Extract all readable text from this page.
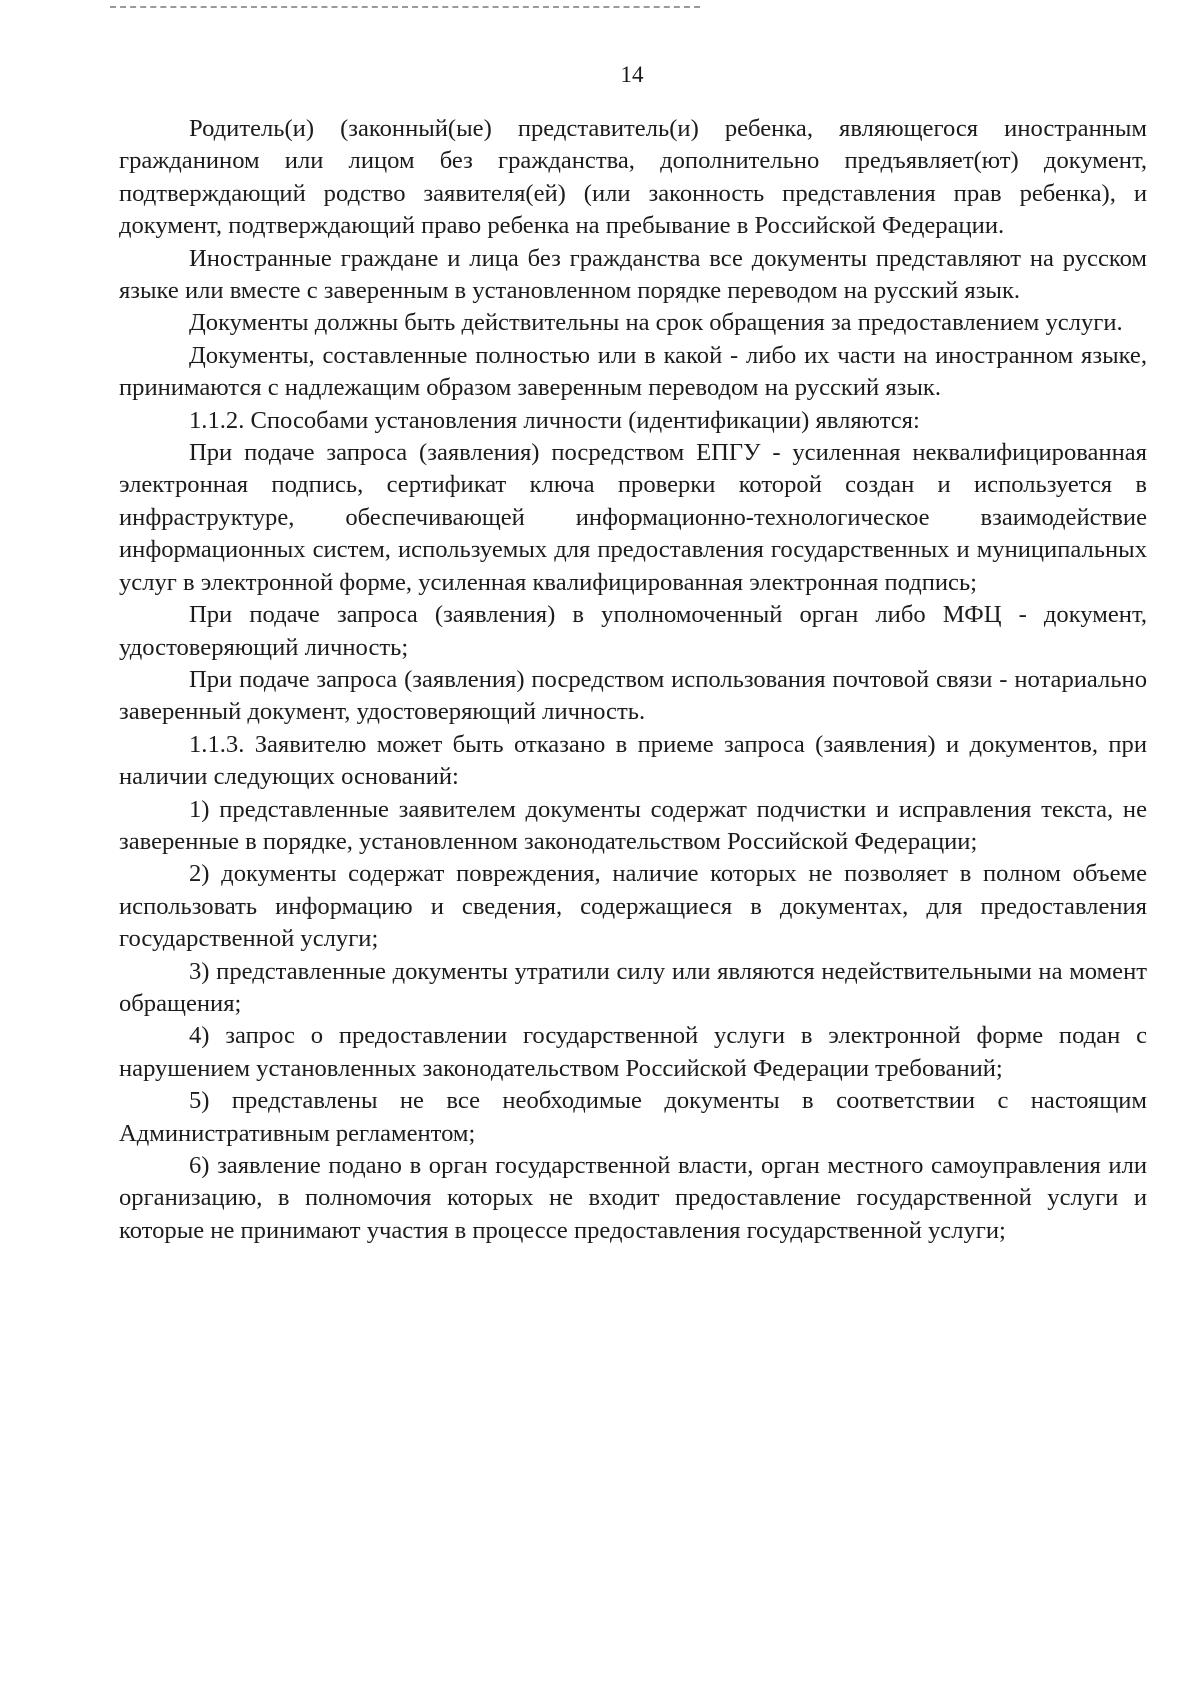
14

Родитель(и) (законный(ые) представитель(и) ребенка, являющегося иностранным гражданином или лицом без гражданства, дополнительно предъявляет(ют) документ, подтверждающий родство заявителя(ей) (или законность представления прав ребенка), и документ, подтверждающий право ребенка на пребывание в Российской Федерации.

Иностранные граждане и лица без гражданства все документы представляют на русском языке или вместе с заверенным в установленном порядке переводом на русский язык.

Документы должны быть действительны на срок обращения за предоставлением услуги.

Документы, составленные полностью или в какой - либо их части на иностранном языке, принимаются с надлежащим образом заверенным переводом на русский язык.

1.1.2. Способами установления личности (идентификации) являются:

При подаче запроса (заявления) посредством ЕПГУ - усиленная неквалифицированная электронная подпись, сертификат ключа проверки которой создан и используется в инфраструктуре, обеспечивающей информационно-технологическое взаимодействие информационных систем, используемых для предоставления государственных и муниципальных услуг в электронной форме, усиленная квалифицированная электронная подпись;

При подаче запроса (заявления) в уполномоченный орган либо МФЦ - документ, удостоверяющий личность;

При подаче запроса (заявления) посредством использования почтовой связи - нотариально заверенный документ, удостоверяющий личность.

1.1.3. Заявителю может быть отказано в приеме запроса (заявления) и документов, при наличии следующих оснований:

1) представленные заявителем документы содержат подчистки и исправления текста, не заверенные в порядке, установленном законодательством Российской Федерации;

2) документы содержат повреждения, наличие которых не позволяет в полном объеме использовать информацию и сведения, содержащиеся в документах, для предоставления государственной услуги;

3) представленные документы утратили силу или являются недействительными на момент обращения;

4) запрос о предоставлении государственной услуги в электронной форме подан с нарушением установленных законодательством Российской Федерации требований;

5) представлены не все необходимые документы в соответствии с настоящим Административным регламентом;

6) заявление подано в орган государственной власти, орган местного самоуправления или организацию, в полномочия которых не входит предоставление государственной услуги и которые не принимают участия в процессе предоставления государственной услуги;
